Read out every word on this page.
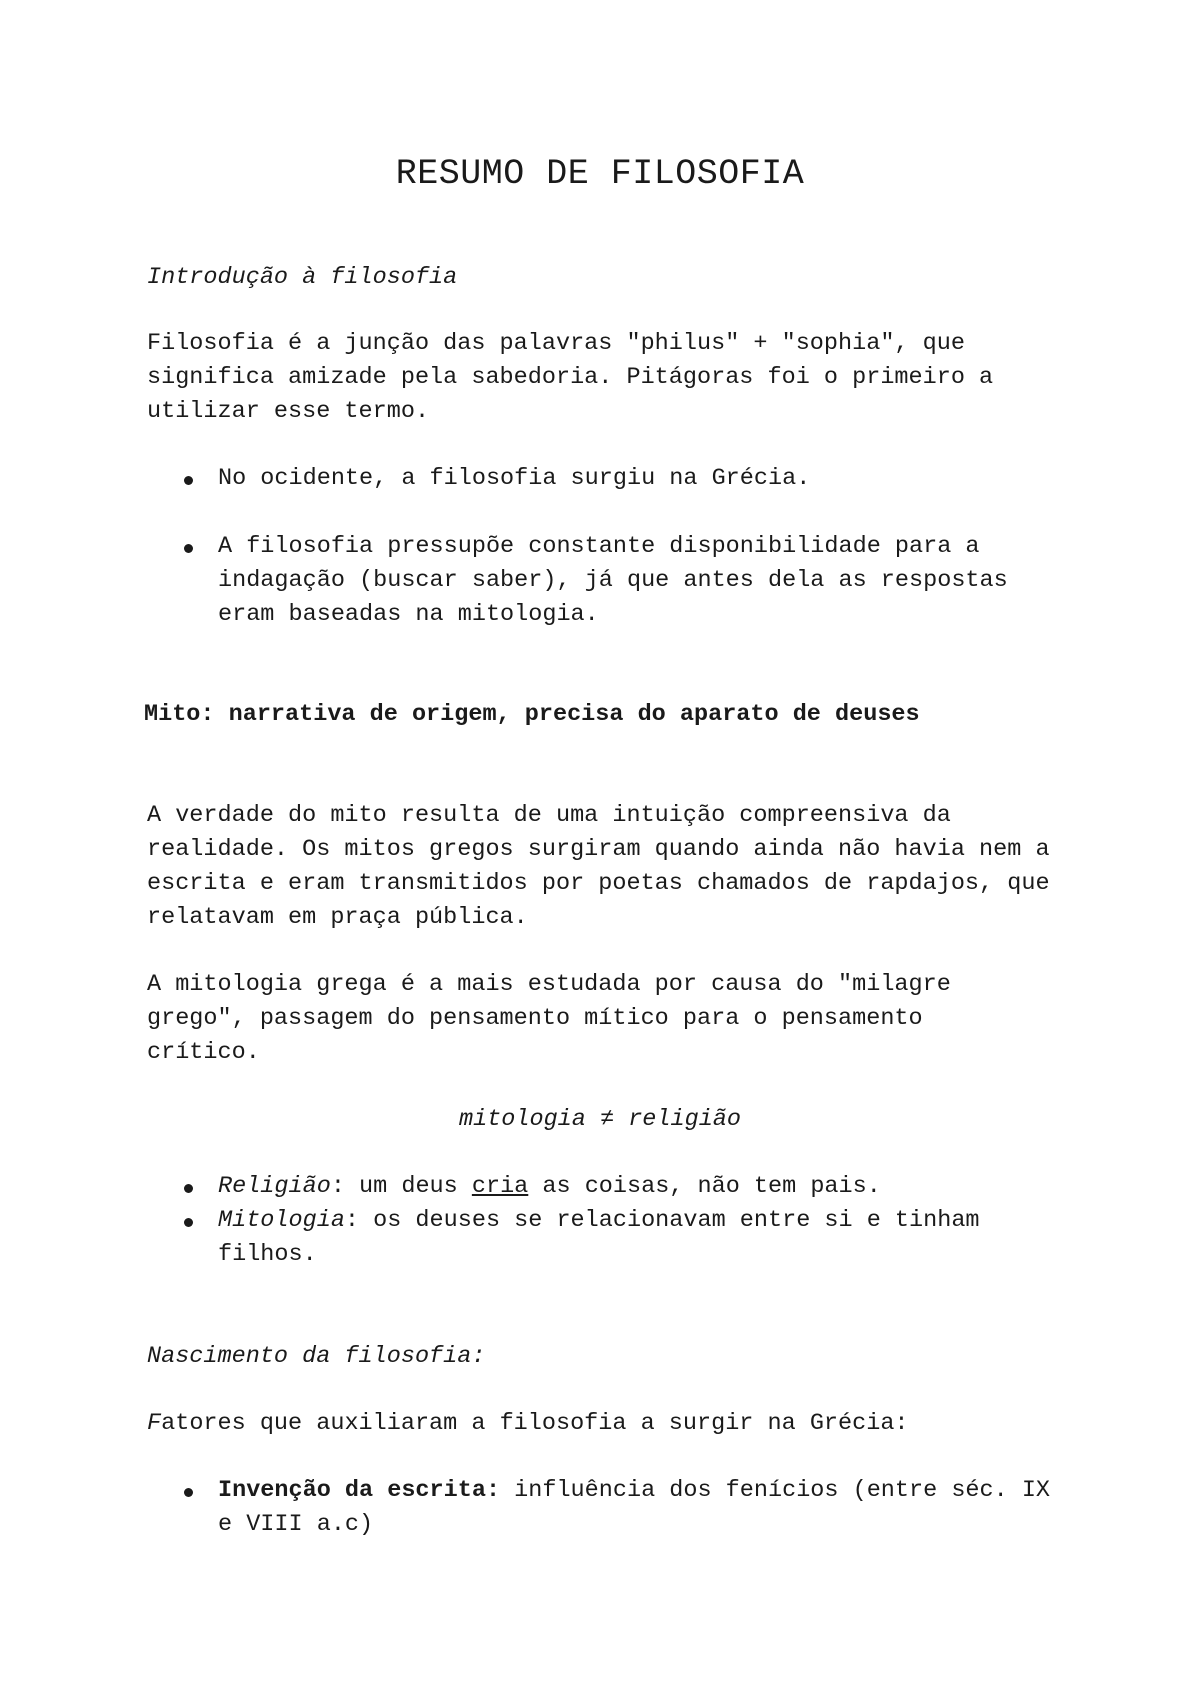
RESUMO DE FILOSOFIA

Introdução à filosofia

Filosofia é a junção das palavras "philus" + "sophia", que significa amizade pela sabedoria. Pitágoras foi o primeiro a utilizar esse termo.

No ocidente, a filosofia surgiu na Grécia.
A filosofia pressupõe constante disponibilidade para a indagação (buscar saber), já que antes dela as respostas eram baseadas na mitologia.

Mito: narrativa de origem, precisa do aparato de deuses

A verdade do mito resulta de uma intuição compreensiva da realidade. Os mitos gregos surgiram quando ainda não havia nem a escrita e eram transmitidos por poetas chamados de rapdajos, que relatavam em praça pública.

A mitologia grega é a mais estudada por causa do "milagre grego", passagem do pensamento mítico para o pensamento crítico.

mitologia ≠ religião

Religião: um deus cria as coisas, não tem pais.
Mitologia: os deuses se relacionavam entre si e tinham filhos.

Nascimento da filosofia:

Fatores que auxiliaram a filosofia a surgir na Grécia:

Invenção da escrita: influência dos fenícios (entre séc. IX e VIII a.c)
